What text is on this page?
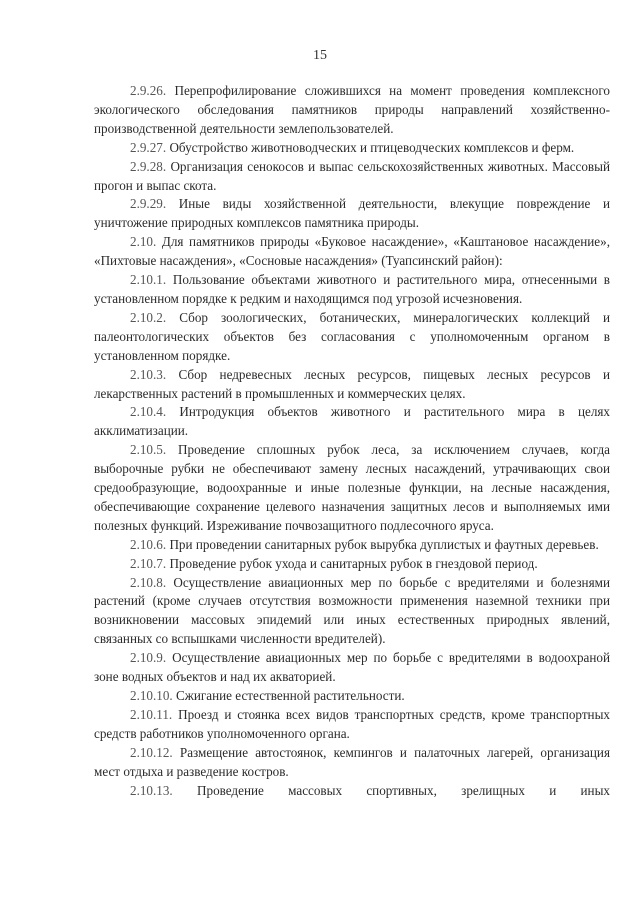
15

2.9.26. Перепрофилирование сложившихся на момент проведения комплексного экологического обследования памятников природы направлений хозяйственно-производственной деятельности землепользователей.

2.9.27. Обустройство животноводческих и птицеводческих комплексов и ферм.

2.9.28. Организация сенокосов и выпас сельскохозяйственных животных. Массовый прогон и выпас скота.

2.9.29. Иные виды хозяйственной деятельности, влекущие повреждение и уничтожение природных комплексов памятника природы.

2.10. Для памятников природы «Буковое насаждение», «Каштановое насаждение», «Пихтовые насаждения», «Сосновые насаждения» (Туапсинский район):

2.10.1. Пользование объектами животного и растительного мира, отнесенными в установленном порядке к редким и находящимся под угрозой исчезновения.

2.10.2. Сбор зоологических, ботанических, минералогических коллекций и палеонтологических объектов без согласования с уполномоченным органом в установленном порядке.

2.10.3. Сбор недревесных лесных ресурсов, пищевых лесных ресурсов и лекарственных растений в промышленных и коммерческих целях.

2.10.4. Интродукция объектов животного и растительного мира в целях акклиматизации.

2.10.5. Проведение сплошных рубок леса, за исключением случаев, когда выборочные рубки не обеспечивают замену лесных насаждений, утрачивающих свои средообразующие, водоохранные и иные полезные функции, на лесные насаждения, обеспечивающие сохранение целевого назначения защитных лесов и выполняемых ими полезных функций. Изреживание почвозащитного подлесочного яруса.

2.10.6. При проведении санитарных рубок вырубка дуплистых и фаутных деревьев.

2.10.7. Проведение рубок ухода и санитарных рубок в гнездовой период.

2.10.8. Осуществление авиационных мер по борьбе с вредителями и болезнями растений (кроме случаев отсутствия возможности применения наземной техники при возникновении массовых эпидемий или иных естественных природных явлений, связанных со вспышками численности вредителей).

2.10.9. Осуществление авиационных мер по борьбе с вредителями в водоохраной зоне водных объектов и над их акваторией.

2.10.10. Сжигание естественной растительности.

2.10.11. Проезд и стоянка всех видов транспортных средств, кроме транспортных средств работников уполномоченного органа.

2.10.12. Размещение автостоянок, кемпингов и палаточных лагерей, организация мест отдыха и разведение костров.

2.10.13. Проведение массовых спортивных, зрелищных и иных
